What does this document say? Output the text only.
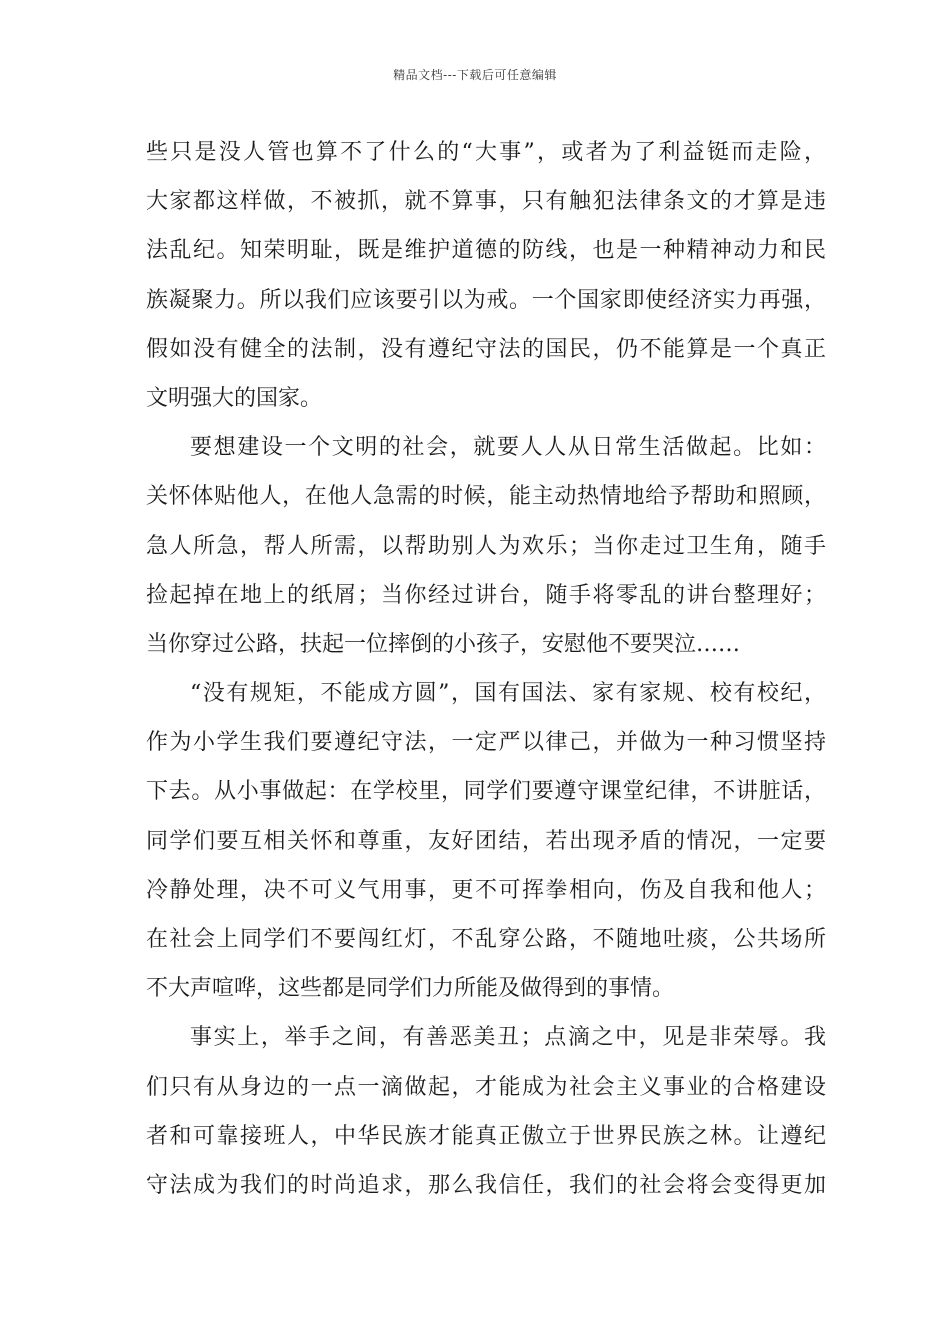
精品文档---下载后可任意编辑
些只是没人管也算不了什么的“大事”，或者为了利益铤而走险，
大家都这样做，不被抓，就不算事，只有触犯法律条文的才算是违
法乱纪。知荣明耻，既是维护道德的防线，也是一种精神动力和民
族凝聚力。所以我们应该要引以为戒。一个国家即使经济实力再强，
假如没有健全的法制，没有遵纪守法的国民，仍不能算是一个真正
文明强大的国家。
要想建设一个文明的社会，就要人人从日常生活做起。比如：
关怀体贴他人，在他人急需的时候，能主动热情地给予帮助和照顾，
急人所急，帮人所需，以帮助别人为欢乐；当你走过卫生角，随手
捡起掉在地上的纸屑；当你经过讲台，随手将零乱的讲台整理好；
当你穿过公路，扶起一位摔倒的小孩子，安慰他不要哭泣……
“没有规矩，不能成方圆”，国有国法、家有家规、校有校纪，
作为小学生我们要遵纪守法，一定严以律己，并做为一种习惯坚持
下去。从小事做起：在学校里，同学们要遵守课堂纪律，不讲脏话，
同学们要互相关怀和尊重，友好团结，若出现矛盾的情况，一定要
冷静处理，决不可义气用事，更不可挥拳相向，伤及自我和他人；
在社会上同学们不要闯红灯，不乱穿公路，不随地吐痰，公共场所
不大声喧哗，这些都是同学们力所能及做得到的事情。
事实上，举手之间，有善恶美丑；点滴之中，见是非荣辱。我
们只有从身边的一点一滴做起，才能成为社会主义事业的合格建设
者和可靠接班人，中华民族才能真正傲立于世界民族之林。让遵纪
守法成为我们的时尚追求，那么我信任，我们的社会将会变得更加
